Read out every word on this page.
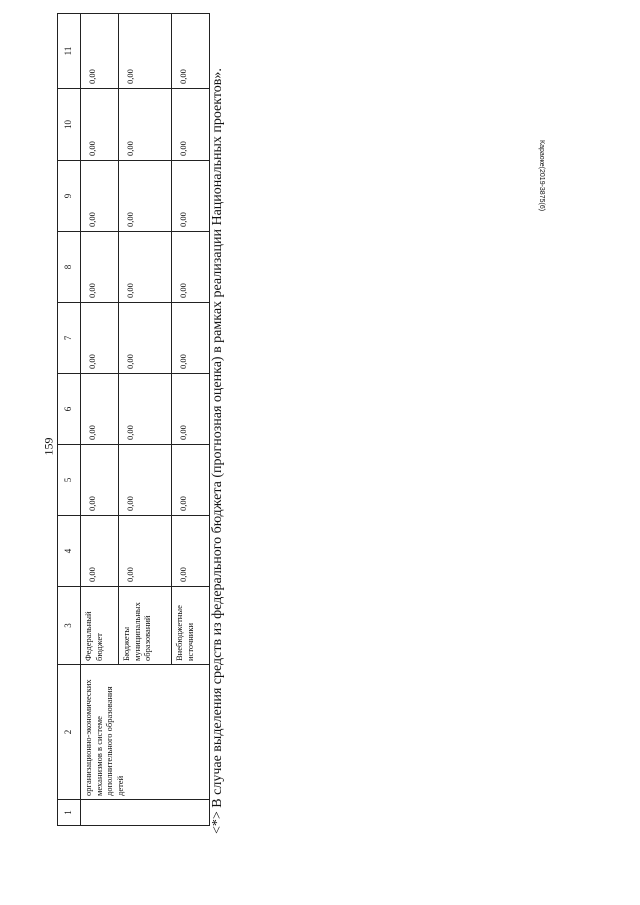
159
Караоке(2019-3875(6)
1	2	3	4	5	6	7	8	9	10	11
	организационно-экономических механизмов в системе дополнительного образования детей	Федеральный бюджет	0,00	0,00	0,00	0,00	0,00	0,00	0,00	0,00
		Бюджеты муниципальных образований	0,00	0,00	0,00	0,00	0,00	0,00	0,00	0,00
		Внебюджетные источники	0,00	0,00	0,00	0,00	0,00	0,00	0,00	0,00 <*> В случае выделения средств из федерального бюджета (прогнозная оценка) в рамках реализации Национальных проектов».
